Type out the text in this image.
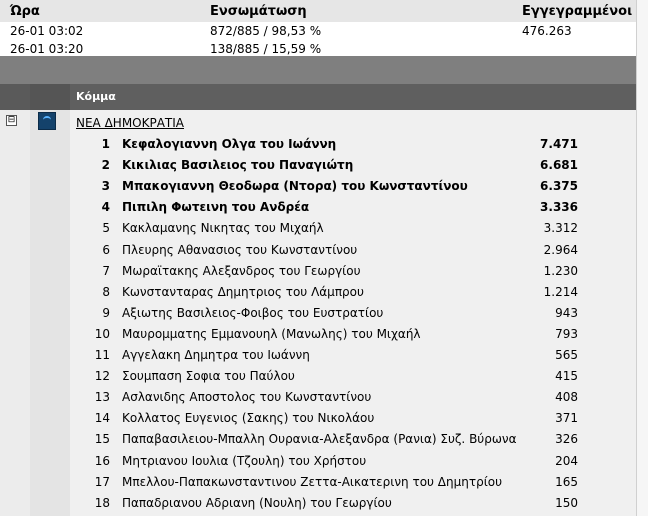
Ώρα	Ενσωμάτωση	Εγγεγραμμένοι
26-01 03:02	872/885 / 98,53 %	476.263
26-01 03:20	138/885 / 15,59 %
Κόμμα
⊟	ΝΕΑ ΔΗΜΟΚΡΑΤΙΑ
1 Κεφαλογιαννη Ολγα του Ιωάννη	7.471
2 Κικιλιας Βασιλειος του Παναγιώτη	6.681
3 Μπακογιαννη Θεοδωρα (Ντορα) του Κωνσταντίνου	6.375
4 Πιπιλη Φωτεινη του Ανδρέα	3.336
5 Κακλαμανης Νικητας του Μιχαήλ	3.312
6 Πλευρης Αθανασιος του Κωνσταντίνου	2.964
7 Μωραϊτακης Αλεξανδρος του Γεωργίου	1.230
8 Κωνστανταρας Δημητριος του Λάμπρου	1.214
9 Αξιωτης Βασιλειος-Φοιβος του Ευστρατίου	943
10 Μαυρομματης Εμμανουηλ (Μανωλης) του Μιχαήλ	793
11 Αγγελακη Δημητρα του Ιωάννη	565
12 Σουμπαση Σοφια του Παύλου	415
13 Ασλανιδης Αποστολος του Κωνσταντίνου	408
14 Κολλατος Ευγενιος (Σακης) του Νικολάου	371
15 Παπαβασιλειου-Μπαλλη Ουρανια-Αλεξανδρα (Ρανια) Συζ. Βύρωνα	326
16 Μητριανου Ιουλια (Τζουλη) του Χρήστου	204
17 Μπελλου-Παπακωνσταντινου Ζεττα-Αικατερινη του Δημητρίου	165
18 Παπαδριανου Αδριανη (Νουλη) του Γεωργίου	150
